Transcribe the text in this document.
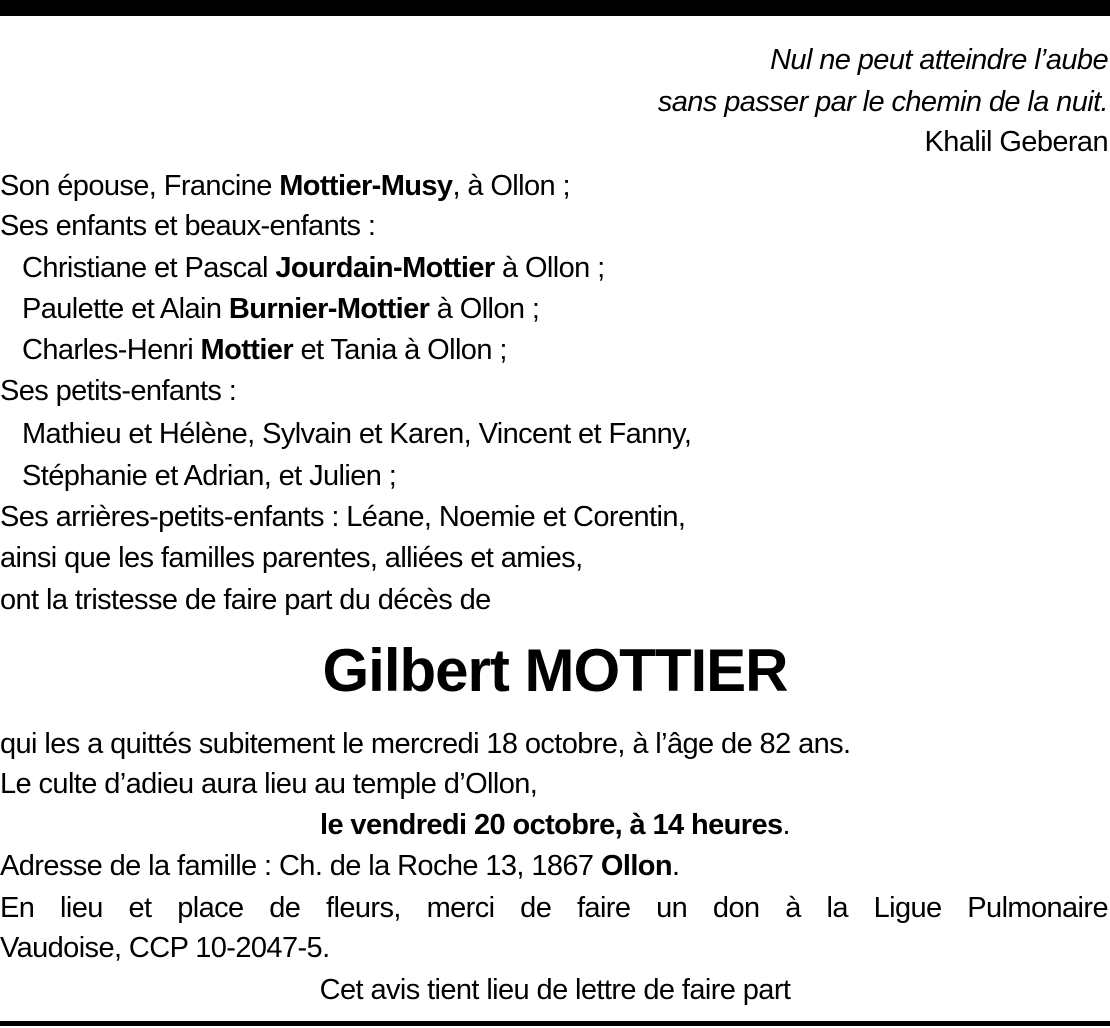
Nul ne peut atteindre l’aube
sans passer par le chemin de la nuit.
Khalil Geberan
Son épouse, Francine Mottier-Musy, à Ollon ;
Ses enfants et beaux-enfants :
Christiane et Pascal Jourdain-Mottier à Ollon ;
Paulette et Alain Burnier-Mottier à Ollon ;
Charles-Henri Mottier et Tania à Ollon ;
Ses petits-enfants :
Mathieu et Hélène, Sylvain et Karen, Vincent et Fanny,
Stéphanie et Adrian, et Julien ;
Ses arrières-petits-enfants : Léane, Noemie et Corentin,
ainsi que les familles parentes, alliées et amies,
ont la tristesse de faire part du décès de
Gilbert MOTTIER
qui les a quittés subitement le mercredi 18 octobre, à l’âge de 82 ans.
Le culte d’adieu aura lieu au temple d’Ollon,
le vendredi 20 octobre, à 14 heures.
Adresse de la famille : Ch. de la Roche 13, 1867 Ollon.
En lieu et place de fleurs, merci de faire un don à la Ligue Pulmonaire
Vaudoise, CCP 10-2047-5.
Cet avis tient lieu de lettre de faire part
